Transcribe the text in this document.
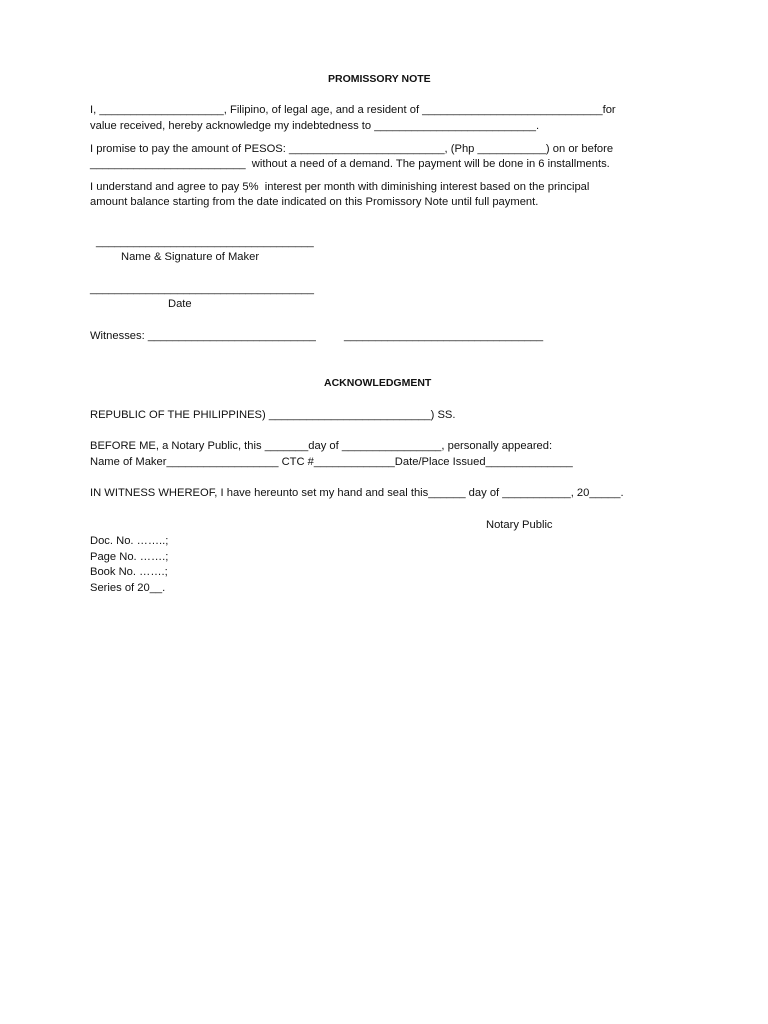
PROMISSORY NOTE
I, ____________________, Filipino, of legal age, and a resident of _____________________________for
value received, hereby acknowledge my indebtedness to __________________________.
I promise to pay the amount of PESOS: _________________________, (Php ___________) on or before
_________________________  without a need of a demand. The payment will be done in 6 installments.
I understand and agree to pay 5%  interest per month with diminishing interest based on the principal
amount balance starting from the date indicated on this Promissory Note until full payment.
___________________________________
Name & Signature of Maker
____________________________________
Date
Witnesses: ___________________________	________________________________
ACKNOWLEDGMENT
REPUBLIC OF THE PHILIPPINES) __________________________) SS.
BEFORE ME, a Notary Public, this _______day of ________________, personally appeared:
Name of Maker__________________ CTC #_____________Date/Place Issued______________
IN WITNESS WHEREOF, I have hereunto set my hand and seal this______ day of ___________, 20_____.
Notary Public
Doc. No. ……..;
Page No. …….;
Book No. …….;
Series of 20__.
